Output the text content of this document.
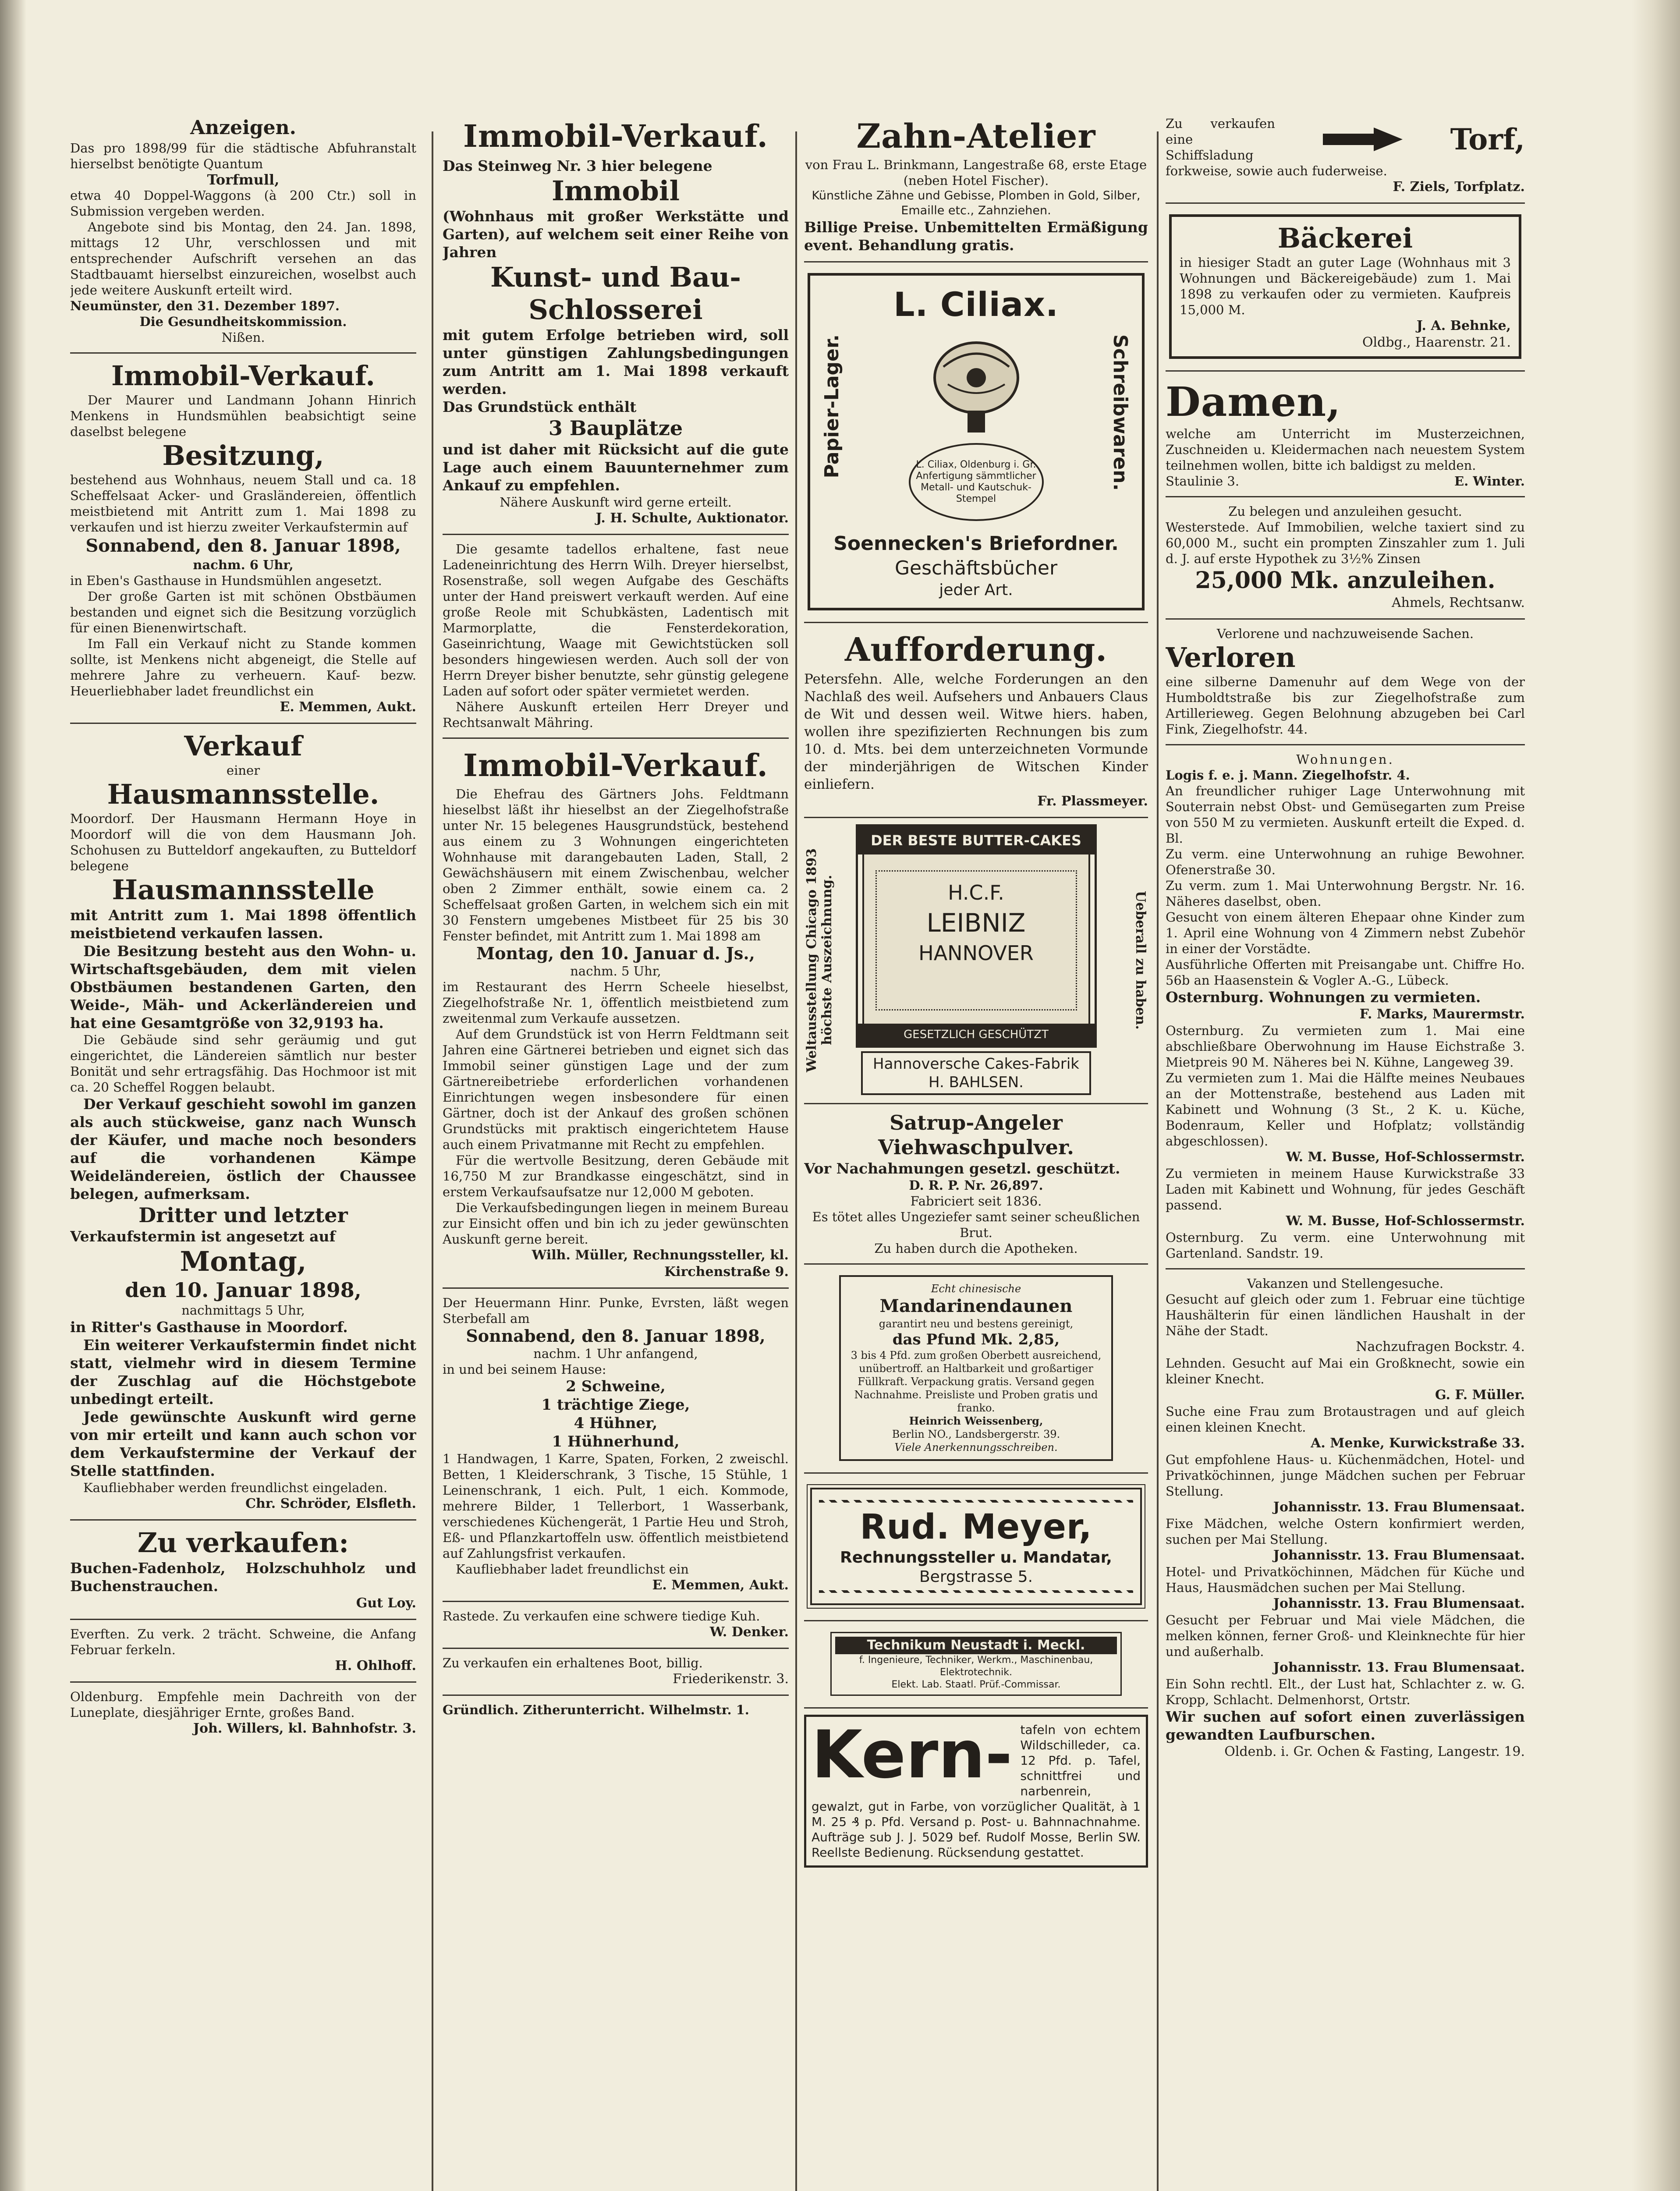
Anzeigen.

Das pro 1898/99 für die städtische Abfuhranstalt hierselbst benötigte Quantum

Torfmull,

etwa 40 Doppel-Waggons (à 200 Ctr.) soll in Submission vergeben werden.

Angebote sind bis Montag, den 24. Jan. 1898, mittags 12 Uhr, verschlossen und mit entsprechender Aufschrift versehen an das Stadtbauamt hierselbst einzureichen, woselbst auch jede weitere Auskunft erteilt wird.

Neumünster, den 31. Dezember 1897.

Die Gesundheitskommission.

Nißen.

Immobil-Verkauf.

Der Maurer und Landmann Johann Hinrich Menkens in Hundsmühlen beabsichtigt seine daselbst belegene

Besitzung,

bestehend aus Wohnhaus, neuem Stall und ca. 18 Scheffelsaat Acker- und Grasländereien, öffentlich meistbietend mit Antritt zum 1. Mai 1898 zu verkaufen und ist hierzu zweiter Verkaufstermin auf

Sonnabend, den 8. Januar 1898,

nachm. 6 Uhr,

in Eben's Gasthause in Hundsmühlen angesetzt.

Der große Garten ist mit schönen Obstbäumen bestanden und eignet sich die Besitzung vorzüglich für einen Bienenwirtschaft.

Im Fall ein Verkauf nicht zu Stande kommen sollte, ist Menkens nicht abgeneigt, die Stelle auf mehrere Jahre zu verheuern. Kauf- bezw. Heuerliebhaber ladet freundlichst ein

E. Memmen, Aukt.

Verkauf

einer

Hausmannsstelle.

Moordorf. Der Hausmann Hermann Hoye in Moordorf will die von dem Hausmann Joh. Schohusen zu Butteldorf angekauften, zu Butteldorf belegene

Hausmannsstelle

mit Antritt zum 1. Mai 1898 öffentlich meistbietend verkaufen lassen.

Die Besitzung besteht aus den Wohn- u. Wirtschaftsgebäuden, dem mit vielen Obstbäumen bestandenen Garten, den Weide-, Mäh- und Ackerländereien und hat eine Gesamtgröße von 32,9193 ha.

Die Gebäude sind sehr geräumig und gut eingerichtet, die Ländereien sämtlich nur bester Bonität und sehr ertragsfähig. Das Hochmoor ist mit ca. 20 Scheffel Roggen belaubt.

Der Verkauf geschieht sowohl im ganzen als auch stückweise, ganz nach Wunsch der Käufer, und mache noch besonders auf die vorhandenen Kämpe Weideländereien, östlich der Chaussee belegen, aufmerksam.

Dritter und letzter

Verkaufstermin ist angesetzt auf

Montag,

den 10. Januar 1898,

nachmittags 5 Uhr,

in Ritter's Gasthause in Moordorf.

Ein weiterer Verkaufstermin findet nicht statt, vielmehr wird in diesem Termine der Zuschlag auf die Höchstgebote unbedingt erteilt.

Jede gewünschte Auskunft wird gerne von mir erteilt und kann auch schon vor dem Verkaufstermine der Verkauf der Stelle stattfinden.

Kaufliebhaber werden freundlichst eingeladen.

Chr. Schröder, Elsfleth.

Zu verkaufen:

Buchen-Fadenholz, Holzschuhholz und Buchenstrauchen.

Gut Loy.

Everften. Zu verk. 2 trächt. Schweine, die Anfang Februar ferkeln.

H. Ohlhoff.

Oldenburg. Empfehle mein Dachreith von der Luneplate, diesjähriger Ernte, großes Band.

Joh. Willers, kl. Bahnhofstr. 3.

Immobil-Verkauf.

Das Steinweg Nr. 3 hier belegene

Immobil

(Wohnhaus mit großer Werkstätte und Garten), auf welchem seit einer Reihe von Jahren

Kunst- und Bau-

Schlosserei

mit gutem Erfolge betrieben wird, soll unter günstigen Zahlungsbedingungen zum Antritt am 1. Mai 1898 verkauft werden.

Das Grundstück enthält

3 Bauplätze

und ist daher mit Rücksicht auf die gute Lage auch einem Bauunternehmer zum Ankauf zu empfehlen.

Nähere Auskunft wird gerne erteilt.

J. H. Schulte, Auktionator.

Die gesamte tadellos erhaltene, fast neue Ladeneinrichtung des Herrn Wilh. Dreyer hierselbst, Rosenstraße, soll wegen Aufgabe des Geschäfts unter der Hand preiswert verkauft werden. Auf eine große Reole mit Schubkästen, Ladentisch mit Marmorplatte, die Fensterdekoration, Gaseinrichtung, Waage mit Gewichtstücken soll besonders hingewiesen werden. Auch soll der von Herrn Dreyer bisher benutzte, sehr günstig gelegene Laden auf sofort oder später vermietet werden.

Nähere Auskunft erteilen Herr Dreyer und Rechtsanwalt Mähring.

Immobil-Verkauf.

Die Ehefrau des Gärtners Johs. Feldtmann hieselbst läßt ihr hieselbst an der Ziegelhofstraße unter Nr. 15 belegenes Hausgrundstück, bestehend aus einem zu 3 Wohnungen eingerichteten Wohnhause mit darangebauten Laden, Stall, 2 Gewächshäusern mit einem Zwischenbau, welcher oben 2 Zimmer enthält, sowie einem ca. 2 Scheffelsaat großen Garten, in welchem sich ein mit 30 Fenstern umgebenes Mistbeet für 25 bis 30 Fenster befindet, mit Antritt zum 1. Mai 1898 am

Montag, den 10. Januar d. Js.,

nachm. 5 Uhr,

im Restaurant des Herrn Scheele hieselbst, Ziegelhofstraße Nr. 1, öffentlich meistbietend zum zweitenmal zum Verkaufe aussetzen.

Auf dem Grundstück ist von Herrn Feldtmann seit Jahren eine Gärtnerei betrieben und eignet sich das Immobil seiner günstigen Lage und der zum Gärtnereibetriebe erforderlichen vorhandenen Einrichtungen wegen insbesondere für einen Gärtner, doch ist der Ankauf des großen schönen Grundstücks mit praktisch eingerichtetem Hause auch einem Privatmanne mit Recht zu empfehlen.

Für die wertvolle Besitzung, deren Gebäude mit 16,750 M zur Brandkasse eingeschätzt, sind in erstem Verkaufsaufsatze nur 12,000 M geboten.

Die Verkaufsbedingungen liegen in meinem Bureau zur Einsicht offen und bin ich zu jeder gewünschten Auskunft gerne bereit.

Wilh. Müller, Rechnungssteller, kl. Kirchenstraße 9.

Der Heuermann Hinr. Punke, Evrsten, läßt wegen Sterbefall am

Sonnabend, den 8. Januar 1898,

nachm. 1 Uhr anfangend,

in und bei seinem Hause:

2 Schweine,

1 trächtige Ziege,

4 Hühner,

1 Hühnerhund,

1 Handwagen, 1 Karre, Spaten, Forken, 2 zweischl. Betten, 1 Kleiderschrank, 3 Tische, 15 Stühle, 1 Leinenschrank, 1 eich. Pult, 1 eich. Kommode, mehrere Bilder, 1 Tellerbort, 1 Wasserbank, verschiedenes Küchengerät, 1 Partie Heu und Stroh, Eß- und Pflanzkartoffeln usw. öffentlich meistbietend auf Zahlungsfrist verkaufen.

Kaufliebhaber ladet freundlichst ein

E. Memmen, Aukt.

Rastede. Zu verkaufen eine schwere tiedige Kuh.

W. Denker.

Zu verkaufen ein erhaltenes Boot, billig.

Friederikenstr. 3.

Gründlich. Zitherunterricht. Wilhelmstr. 1.

Zahn-Atelier

von Frau L. Brinkmann, Langestraße 68, erste Etage (neben Hotel Fischer).

Künstliche Zähne und Gebisse, Plomben in Gold, Silber, Emaille etc., Zahnziehen.

Billige Preise. Unbemittelten Ermäßigung event. Behandlung gratis.

L. Ciliax.

Papier-Lager.	L. Ciliax, Oldenburg i. Gr. Anfertigung sämmtlicher Metall- und Kautschuk-Stempel
Schreibwaren.

Soennecken's Briefordner.

Geschäftsbücher

jeder Art.

Aufforderung.

Petersfehn. Alle, welche Forderungen an den Nachlaß des weil. Aufsehers und Anbauers Claus de Wit und dessen weil. Witwe hiers. haben, wollen ihre spezifizierten Rechnungen bis zum 10. d. Mts. bei dem unterzeichneten Vormunde der minderjährigen de Witschen Kinder einliefern.

Fr. Plassmeyer.

Weltausstellung Chicago 1893 höchste Auszeichnung.
DER BESTE BUTTER-CAKES
H.C.F.
LEIBNIZ
HANNOVER
GESETZLICH GESCHÜTZT
Hannoversche Cakes-Fabrik
H. BAHLSEN.
Ueberall zu haben.

Satrup-Angeler

Viehwaschpulver.

Vor Nachahmungen gesetzl. geschützt.

D. R. P. Nr. 26,897.

Fabriciert seit 1836.

Es tötet alles Ungeziefer samt seiner scheußlichen Brut.

Zu haben durch die Apotheken.

Echt chinesische

Mandarinendaunen

garantirt neu und bestens gereinigt,

das Pfund Mk. 2,85,

3 bis 4 Pfd. zum großen Oberbett ausreichend, unübertroff. an Haltbarkeit und großartiger Füllkraft. Verpackung gratis. Versand gegen Nachnahme. Preisliste und Proben gratis und franko.

Heinrich Weissenberg,

Berlin NO., Landsbergerstr. 39.

Viele Anerkennungsschreiben.

Rud. Meyer,

Rechnungssteller u. Mandatar,

Bergstrasse 5.

Technikum Neustadt i. Meckl.

f. Ingenieure, Techniker, Werkm., Maschinenbau, Elektrotechnik.

Elekt. Lab. Staatl. Prüf.-Commissar.

Kern- tafeln von echtem Wildschilleder, ca. 12 Pfd. p. Tafel, schnittfrei und narbenrein, gewalzt, gut in Farbe, von vorzüglicher Qualität, à 1 M. 25 ₰ p. Pfd. Versand p. Post- u. Bahnnachnahme. Aufträge sub J. J. 5029 bef. Rudolf Mosse, Berlin SW. Reellste Bedienung. Rücksendung gestattet.

Zu verkaufen eine Schiffsladung	Torf,

forkweise, sowie auch fuderweise.

F. Ziels, Torfplatz.

Bäckerei

in hiesiger Stadt an guter Lage (Wohnhaus mit 3 Wohnungen und Bäckereigebäude) zum 1. Mai 1898 zu verkaufen oder zu vermieten. Kaufpreis 15,000 M.

J. A. Behnke,

Oldbg., Haarenstr. 21.

Damen,

welche am Unterricht im Musterzeichnen, Zuschneiden u. Kleidermachen nach neuestem System teilnehmen wollen, bitte ich baldigst zu melden.

Staulinie 3.	E. Winter.

Zu belegen und anzuleihen gesucht.

Westerstede. Auf Immobilien, welche taxiert sind zu 60,000 M., sucht ein prompten Zinszahler zum 1. Juli d. J. auf erste Hypothek zu 3½% Zinsen

25,000 Mk. anzuleihen.

Ahmels, Rechtsanw.

Verlorene und nachzuweisende Sachen.

Verloren

eine silberne Damenuhr auf dem Wege von der Humboldtstraße bis zur Ziegelhofstraße zum Artillerieweg. Gegen Belohnung abzugeben bei Carl Fink, Ziegelhofstr. 44.

Wohnungen.

Logis f. e. j. Mann. Ziegelhofstr. 4.

An freundlicher ruhiger Lage Unterwohnung mit Souterrain nebst Obst- und Gemüsegarten zum Preise von 550 M zu vermieten. Auskunft erteilt die Exped. d. Bl.

Zu verm. eine Unterwohnung an ruhige Bewohner. Ofenerstraße 30.

Zu verm. zum 1. Mai Unterwohnung Bergstr. Nr. 16. Näheres daselbst, oben.

Gesucht von einem älteren Ehepaar ohne Kinder zum 1. April eine Wohnung von 4 Zimmern nebst Zubehör in einer der Vorstädte.

Ausführliche Offerten mit Preisangabe unt. Chiffre Ho. 56b an Haasenstein & Vogler A.-G., Lübeck.

Osternburg. Wohnungen zu vermieten.

F. Marks, Maurermstr.

Osternburg. Zu vermieten zum 1. Mai eine abschließbare Oberwohnung im Hause Eichstraße 3. Mietpreis 90 M. Näheres bei N. Kühne, Langeweg 39.

Zu vermieten zum 1. Mai die Hälfte meines Neubaues an der Mottenstraße, bestehend aus Laden mit Kabinett und Wohnung (3 St., 2 K. u. Küche, Bodenraum, Keller und Hofplatz; vollständig abgeschlossen).

W. M. Busse, Hof-Schlossermstr.

Zu vermieten in meinem Hause Kurwickstraße 33 Laden mit Kabinett und Wohnung, für jedes Geschäft passend.

W. M. Busse, Hof-Schlossermstr.

Osternburg. Zu verm. eine Unterwohnung mit Gartenland. Sandstr. 19.

Vakanzen und Stellengesuche.

Gesucht auf gleich oder zum 1. Februar eine tüchtige Haushälterin für einen ländlichen Haushalt in der Nähe der Stadt.

Nachzufragen Bockstr. 4.

Lehnden. Gesucht auf Mai ein Großknecht, sowie ein kleiner Knecht.

G. F. Müller.

Suche eine Frau zum Brotaustragen und auf gleich einen kleinen Knecht.

A. Menke, Kurwickstraße 33.

Gut empfohlene Haus- u. Küchenmädchen, Hotel- und Privatköchinnen, junge Mädchen suchen per Februar Stellung.

Johannisstr. 13. Frau Blumensaat.

Fixe Mädchen, welche Ostern konfirmiert werden, suchen per Mai Stellung.

Johannisstr. 13. Frau Blumensaat.

Hotel- und Privatköchinnen, Mädchen für Küche und Haus, Hausmädchen suchen per Mai Stellung.

Johannisstr. 13. Frau Blumensaat.

Gesucht per Februar und Mai viele Mädchen, die melken können, ferner Groß- und Kleinknechte für hier und außerhalb.

Johannisstr. 13. Frau Blumensaat.

Ein Sohn rechtl. Elt., der Lust hat, Schlachter z. w. G. Kropp, Schlacht. Delmenhorst, Ortstr.

Wir suchen auf sofort einen zuverlässigen gewandten Laufburschen.

Oldenb. i. Gr. Ochen & Fasting, Langestr. 19.
